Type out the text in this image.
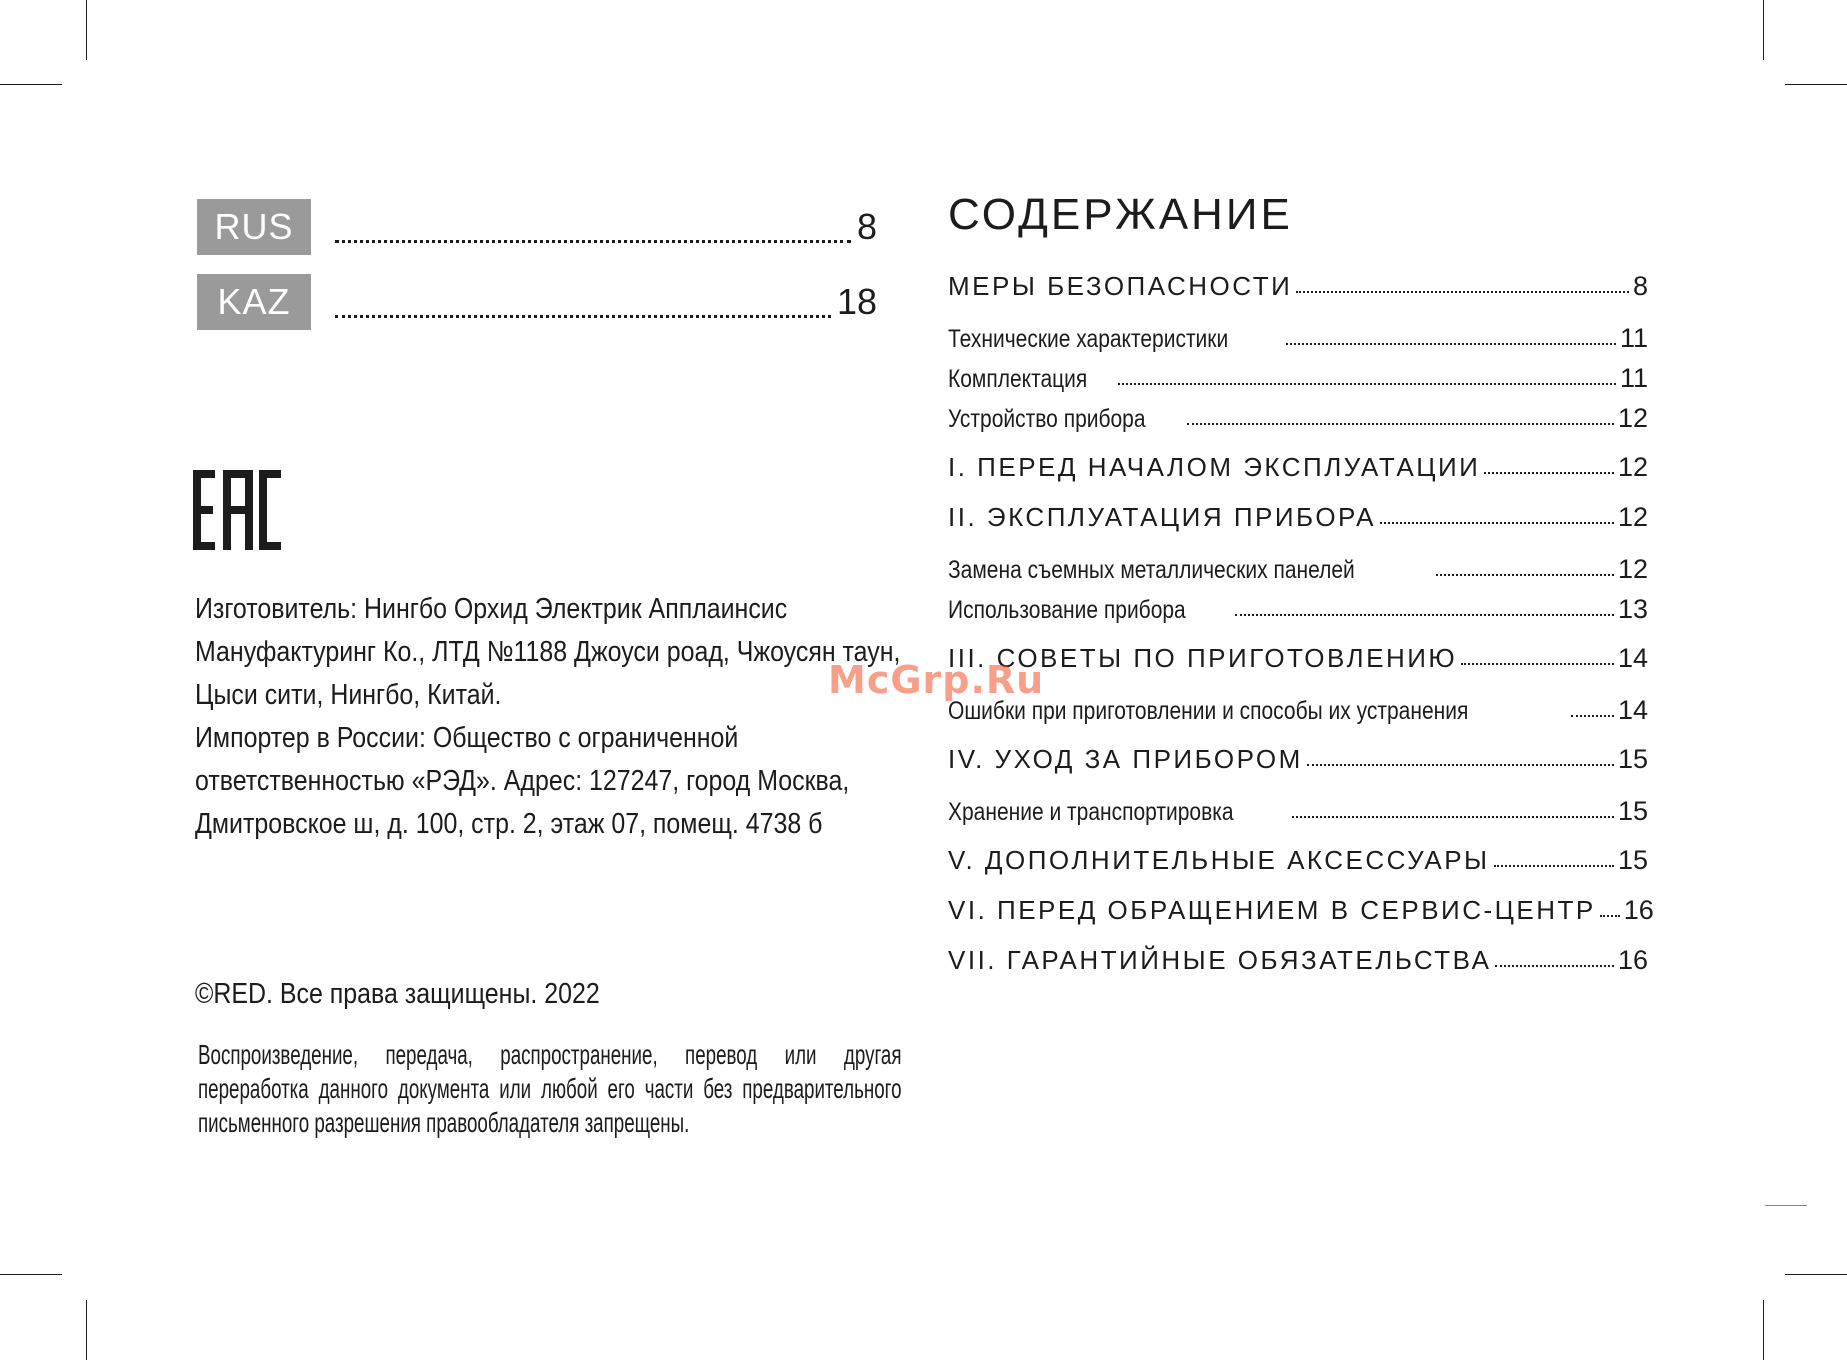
RUS	8
KAZ	18

Изготовитель: Нингбо Орхид Электрик Апплаинсис

Мануфактуринг Ко., ЛТД №1188 Джоуси роад, Чжоусян таун,

Цыси сити, Нингбо, Китай.

Импортер в России: Общество с ограниченной

ответственностью «РЭД». Адрес: 127247, город Москва,

Дмитровское ш, д. 100, стр. 2, этаж 07, помещ. 4738 б

©RED. Все права защищены. 2022
Воспроизведение, передача, распространение, перевод или другая переработка данного документа или любой его части без предварительного письменного разрешения правообладателя запрещены.
СОДЕРЖАНИЕ
МЕРЫ БЕЗОПАСНОСТИ	8
Технические характеристики	11
Комплектация	11
Устройство прибора	12
I. ПЕРЕД НАЧАЛОМ ЭКСПЛУАТАЦИИ	12
II. ЭКСПЛУАТАЦИЯ ПРИБОРА	12
Замена съемных металлических панелей	12
Использование прибора	13
III. СОВЕТЫ ПО ПРИГОТОВЛЕНИЮ	14
Ошибки при приготовлении и способы их устранения	14
IV. УХОД ЗА ПРИБОРОМ	15
Хранение и транспортировка	15
V. ДОПОЛНИТЕЛЬНЫЕ АКСЕССУАРЫ	15
VI. ПЕРЕД ОБРАЩЕНИЕМ В СЕРВИС-ЦЕНТР 16
VII. ГАРАНТИЙНЫЕ ОБЯЗАТЕЛЬСТВА	16
McGrp.Ru
